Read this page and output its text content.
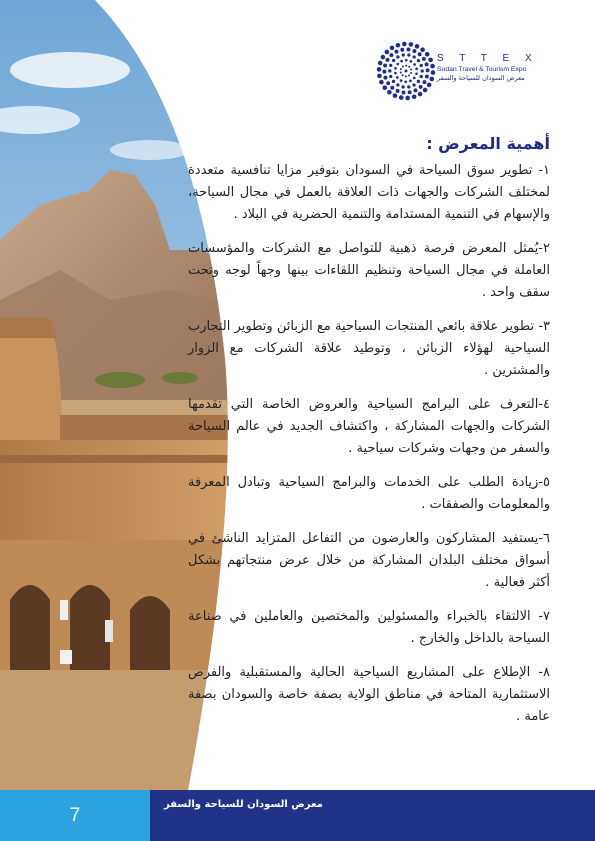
S T T E X
Sudan Travel & Tourism Expo
معرض السودان للسياحة والسفر
أهمية المعرض :

١- تطوير سوق السياحة في السودان بتوفير مزايا تنافسية متعددة لمختلف الشركات والجهات ذات العلاقة بالعمل في مجال السياحة، والإسهام في التنمية المستدامة والتنمية الحضرية في البلاد .

٢-يُمثل المعرض فرصة ذهبية للتواصل مع الشركات والمؤسسات العاملة في مجال السياحة وتنظيم اللقاءات بينها وجهاً لوجه وتحت سقف واحد .

٣- تطوير علاقة بائعي المنتجات السياحية مع الزبائن وتطوير التجارب السياحية لهؤلاء الزبائن ، وتوطيد علاقة الشركات مع الزوار والمشترين .

٤-التعرف على البرامج السياحية والعروض الخاصة التي تقدمها الشركات والجهات المشاركة ، واكتشاف الجديد في عالم السياحة والسفر من وجهات وشركات سياحية .

٥-زيادة الطلب على الخدمات والبرامج السياحية وتبادل المعرفة والمعلومات والصفقات .

٦-يستفيد المشاركون والعارضون من التفاعل المتزايد الناشئ في أسواق مختلف البلدان المشاركة من خلال عرض منتجاتهم بشكل أكثر فعالية .

٧- الالتقاء بالخبراء والمسئولين والمختصين والعاملين في صناعة السياحة بالداخل والخارج .

٨- الإطلاع على المشاريع السياحية الحالية والمستقبلية والفرص الاستثمارية المتاحة في مناطق الولاية بصفة خاصة والسودان بصفة عامة .

7	معرض السودان للسياحة والسفر
